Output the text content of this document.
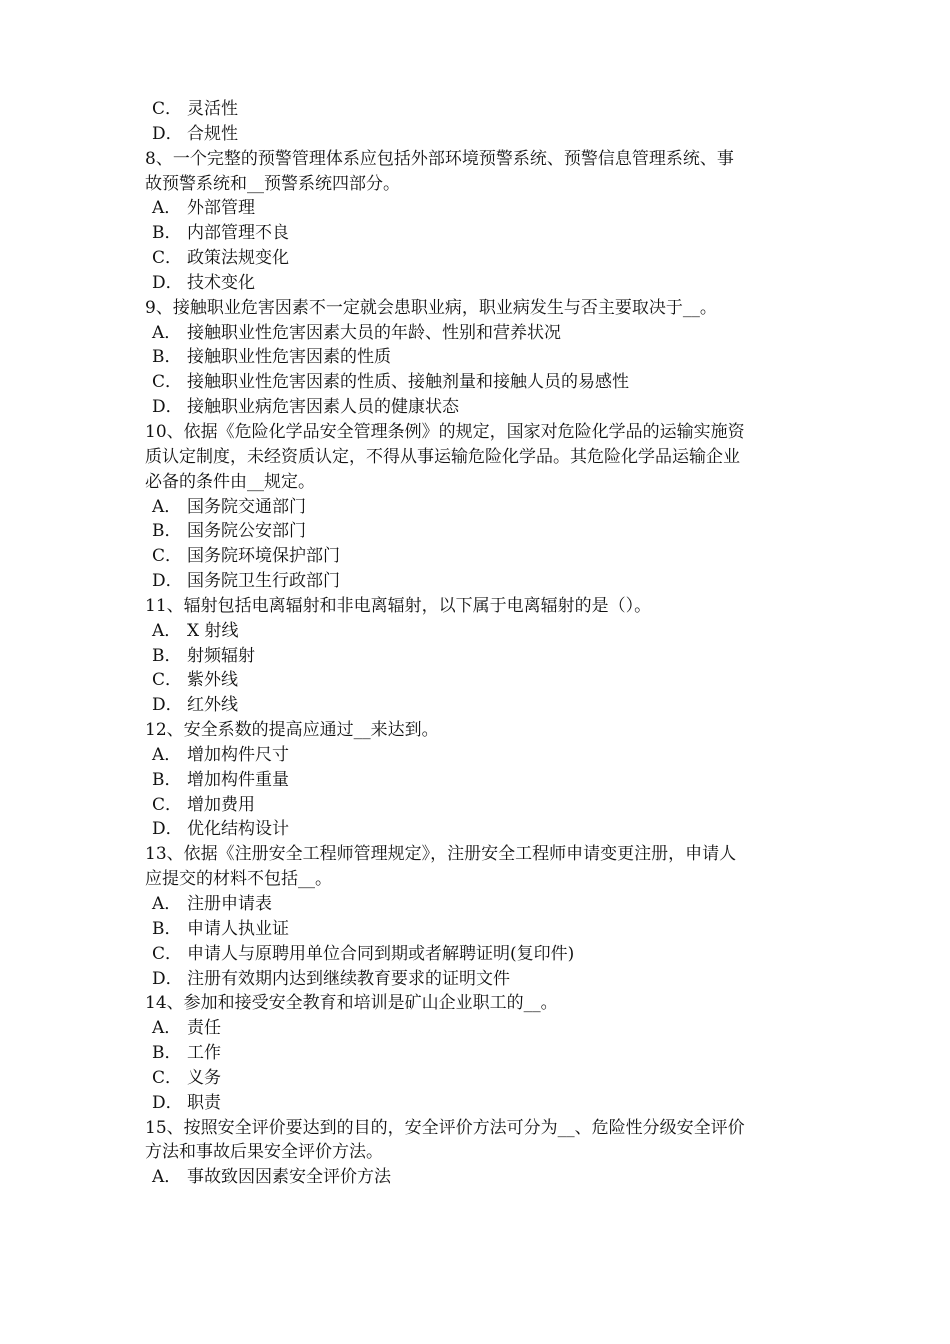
C． 灵活性
D． 合规性
8、一个完整的预警管理体系应包括外部环境预警系统、预警信息管理系统、事
故预警系统和__预警系统四部分。
A． 外部管理
B． 内部管理不良
C． 政策法规变化
D． 技术变化
9、接触职业危害因素不一定就会患职业病，职业病发生与否主要取决于__。
A． 接触职业性危害因素大员的年龄、性别和营养状况
B． 接触职业性危害因素的性质
C． 接触职业性危害因素的性质、接触剂量和接触人员的易感性
D． 接触职业病危害因素人员的健康状态
10、依据《危险化学品安全管理条例》的规定，国家对危险化学品的运输实施资
质认定制度，未经资质认定，不得从事运输危险化学品。其危险化学品运输企业
必备的条件由__规定。
A． 国务院交通部门
B． 国务院公安部门
C． 国务院环境保护部门
D． 国务院卫生行政部门
11、辐射包括电离辐射和非电离辐射，以下属于电离辐射的是（）。
A． X 射线
B． 射频辐射
C． 紫外线
D． 红外线
12、安全系数的提高应通过__来达到。
A． 增加构件尺寸
B． 增加构件重量
C． 增加费用
D． 优化结构设计
13、依据《注册安全工程师管理规定》，注册安全工程师申请变更注册，申请人
应提交的材料不包括__。
A． 注册申请表
B． 申请人执业证
C． 申请人与原聘用单位合同到期或者解聘证明(复印件)
D． 注册有效期内达到继续教育要求的证明文件
14、参加和接受安全教育和培训是矿山企业职工的__。
A． 责任
B． 工作
C． 义务
D． 职责
15、按照安全评价要达到的目的，安全评价方法可分为__、危险性分级安全评价
方法和事故后果安全评价方法。
A． 事故致因因素安全评价方法
